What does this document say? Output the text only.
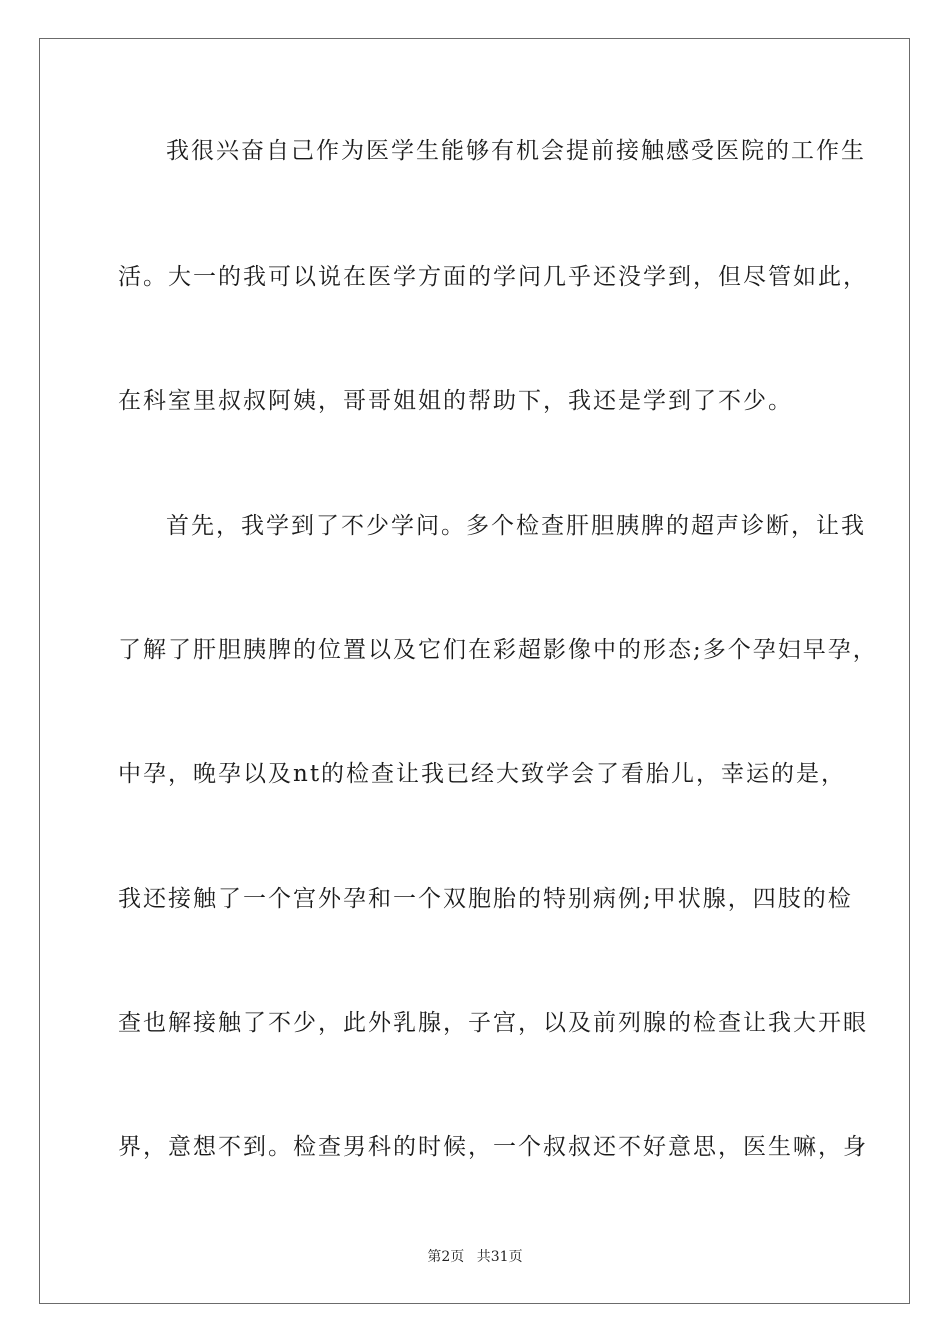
我很兴奋自己作为医学生能够有机会提前接触感受医院的工作生
活。大一的我可以说在医学方面的学问几乎还没学到，但尽管如此，
在科室里叔叔阿姨，哥哥姐姐的帮助下，我还是学到了不少。
首先，我学到了不少学问。多个检查肝胆胰脾的超声诊断，让我
了解了肝胆胰脾的位置以及它们在彩超影像中的形态;多个孕妇早孕，
中孕，晚孕以及nt的检查让我已经大致学会了看胎儿，幸运的是，
我还接触了一个宫外孕和一个双胞胎的特别病例;甲状腺，四肢的检
查也解接触了不少，此外乳腺，子宫，以及前列腺的检查让我大开眼
界，意想不到。检查男科的时候，一个叔叔还不好意思，医生嘛，身
第2页 共31页
